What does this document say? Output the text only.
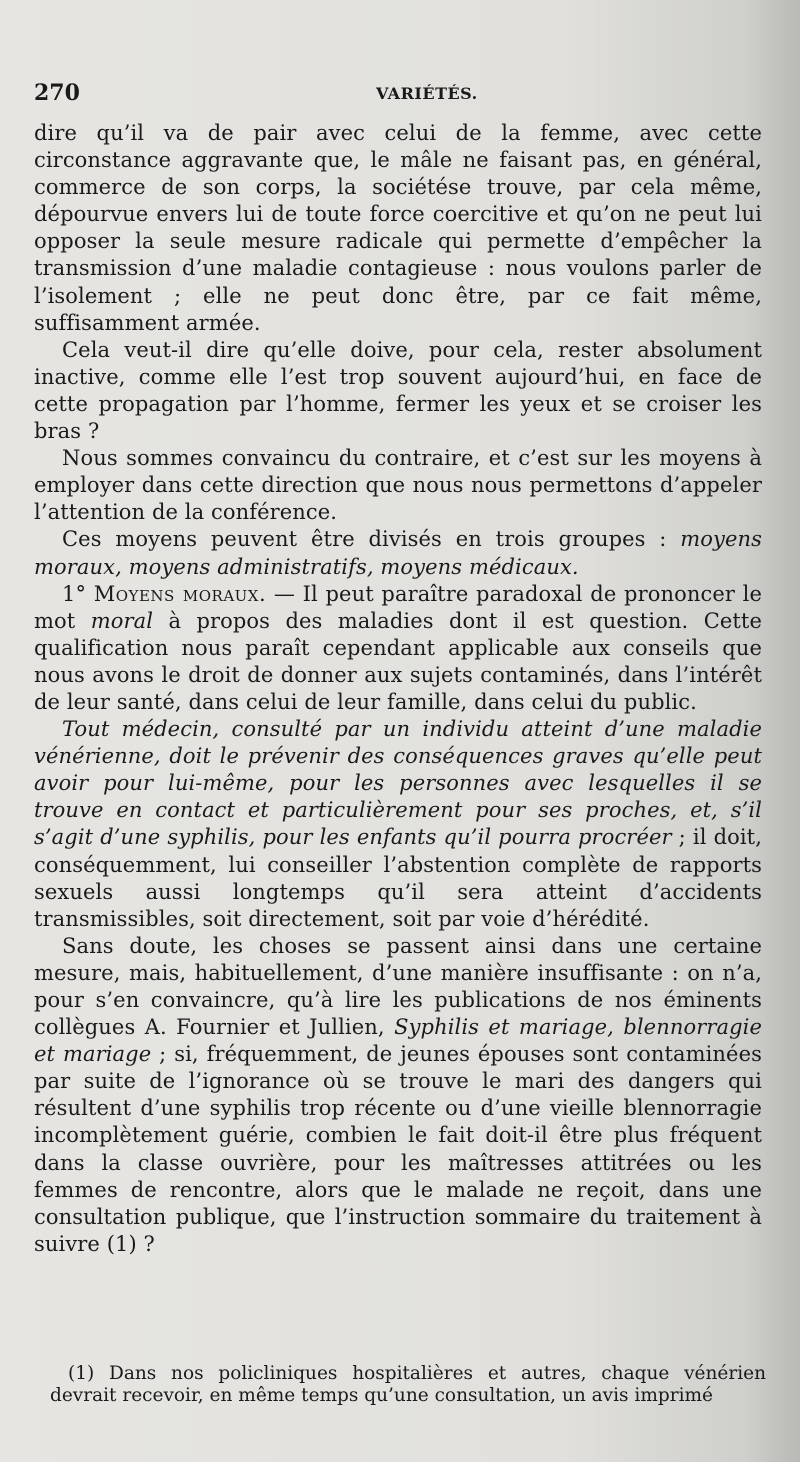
270	VARIÉTÉS.

dire qu’il va de pair avec celui de la femme, avec cette circonstance aggravante que, le mâle ne faisant pas, en général, commerce de son corps, la sociétése trouve, par cela même, dépourvue envers lui de toute force coercitive et qu’on ne peut lui opposer la seule mesure radicale qui permette d’empêcher la transmission d’une maladie contagieuse : nous voulons parler de l’isolement ; elle ne peut donc être, par ce fait même, suffisamment armée.

Cela veut-il dire qu’elle doive, pour cela, rester absolument inactive, comme elle l’est trop souvent aujourd’hui, en face de cette propagation par l’homme, fermer les yeux et se croiser les bras ?

Nous sommes convaincu du contraire, et c’est sur les moyens à employer dans cette direction que nous nous permettons d’appeler l’attention de la conférence.

Ces moyens peuvent être divisés en trois groupes : moyens moraux, moyens administratifs, moyens médicaux.

1° Moyens moraux. — Il peut paraître paradoxal de prononcer le mot moral à propos des maladies dont il est question. Cette qualification nous paraît cependant applicable aux conseils que nous avons le droit de donner aux sujets contaminés, dans l’intérêt de leur santé, dans celui de leur famille, dans celui du public.

Tout médecin, consulté par un individu atteint d’une maladie vénérienne, doit le prévenir des conséquences graves qu’elle peut avoir pour lui-même, pour les personnes avec lesquelles il se trouve en contact et particulièrement pour ses proches, et, s’il s’agit d’une syphilis, pour les enfants qu’il pourra procréer ; il doit, conséquemment, lui conseiller l’abstention complète de rapports sexuels aussi longtemps qu’il sera atteint d’accidents transmissibles, soit directement, soit par voie d’hérédité.

Sans doute, les choses se passent ainsi dans une certaine mesure, mais, habituellement, d’une manière insuffisante : on n’a, pour s’en convaincre, qu’à lire les publications de nos éminents collègues A. Fournier et Jullien, Syphilis et mariage, blennorragie et mariage ; si, fréquemment, de jeunes épouses sont contaminées par suite de l’ignorance où se trouve le mari des dangers qui résultent d’une syphilis trop récente ou d’une vieille blennorragie incomplètement guérie, combien le fait doit-il être plus fréquent dans la classe ouvrière, pour les maîtresses attitrées ou les femmes de rencontre, alors que le malade ne reçoit, dans une consultation publique, que l’instruction sommaire du traitement à suivre (1) ?

(1) Dans nos policliniques hospitalières et autres, chaque vénérien devrait recevoir, en même temps qu’une consultation, un avis imprimé
